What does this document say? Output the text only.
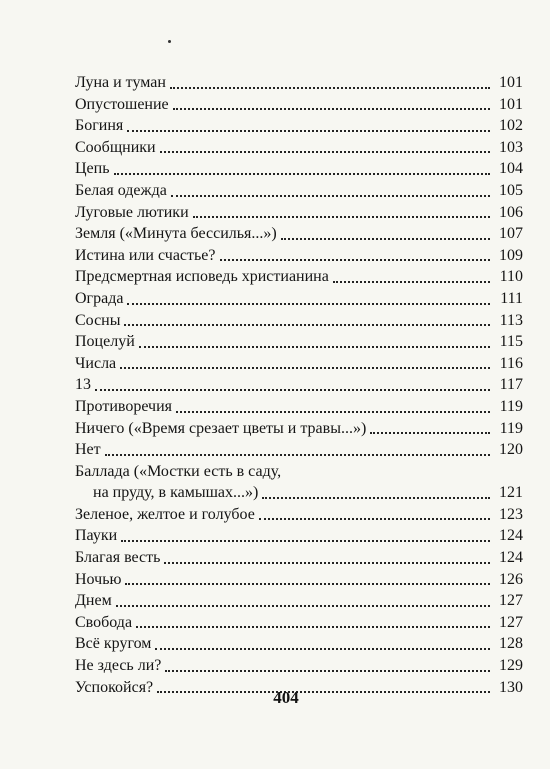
Луна и туман	101
Опустошение	101
Богиня	102
Сообщники	103
Цепь	104
Белая одежда	105
Луговые лютики	106
Земля («Минута бессилья...»)	107
Истина или счастье?	109
Предсмертная исповедь христианина	110
Ограда	111
Сосны	113
Поцелуй	115
Числа	116
13	117
Противоречия	119
Ничего («Время срезает цветы и травы...»)	119
Нет	120
Баллада («Мостки есть в саду,
на пруду, в камышах...»)	121
Зеленое, желтое и голубое	123
Пауки	124
Благая весть	124
Ночью	126
Днем	127
Свобода	127
Всё кругом	128
Не здесь ли?	129
Успокойся?	130
404
